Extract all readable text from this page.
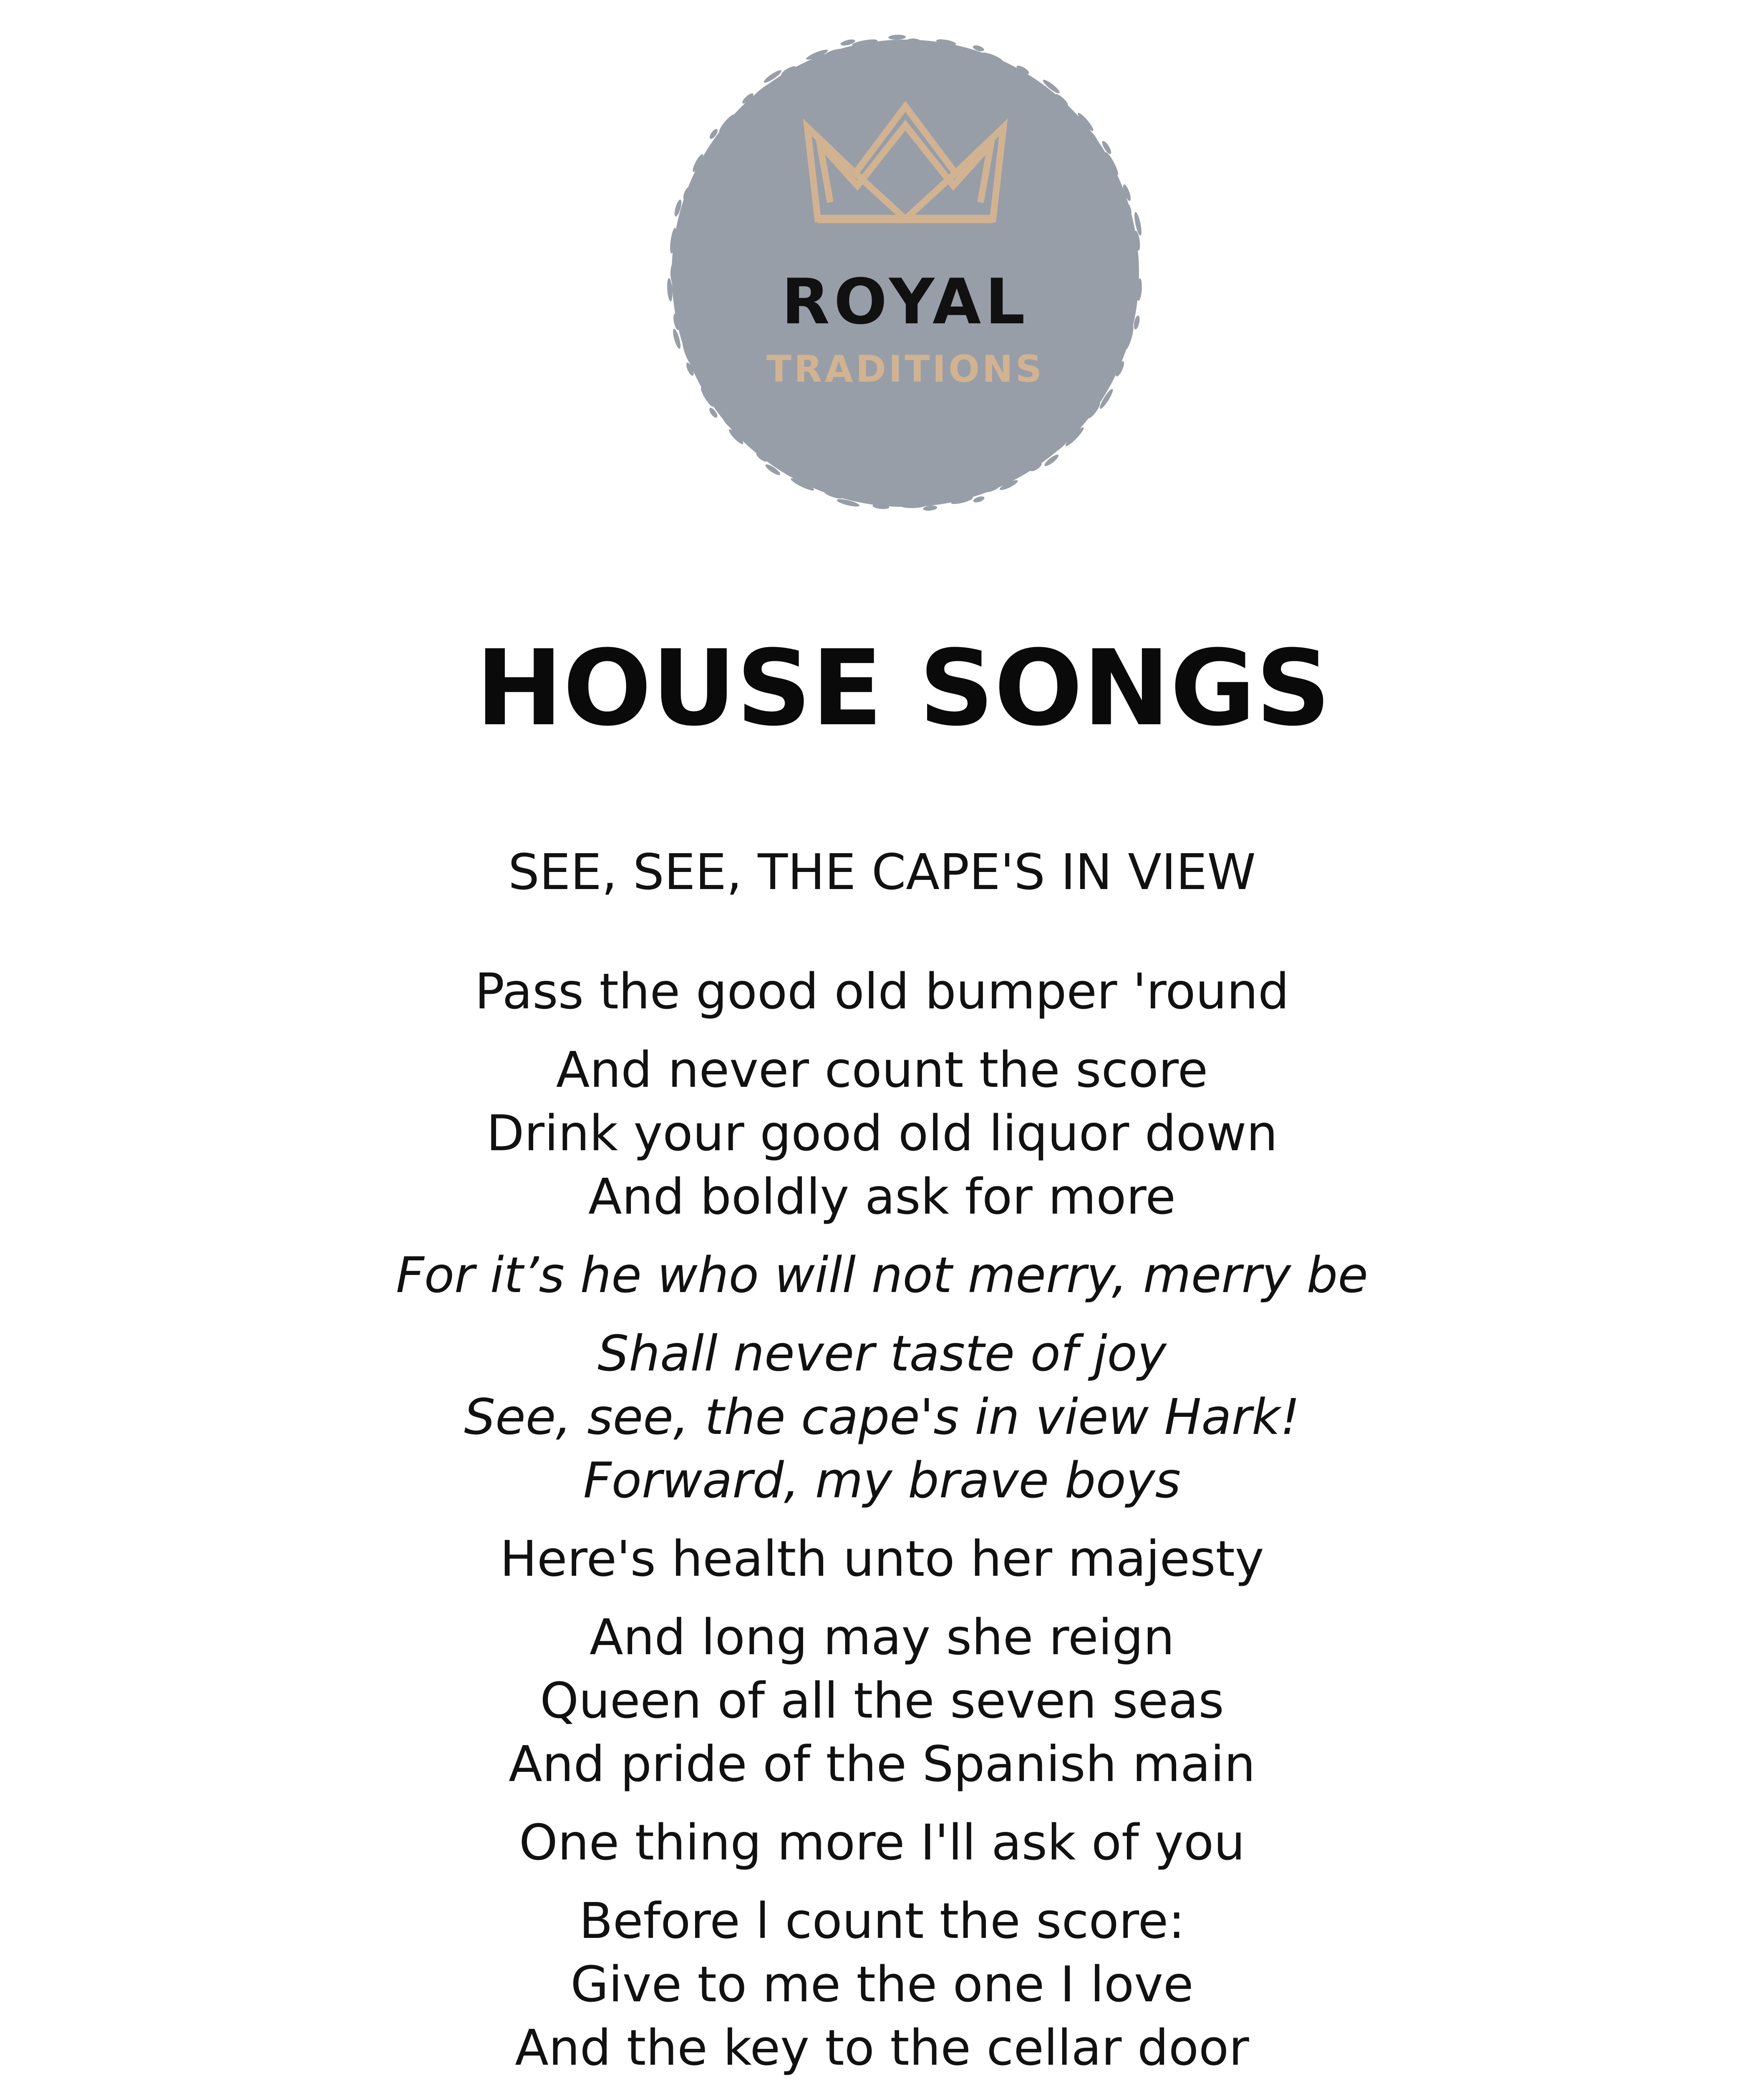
ROYAL
TRADITIONS
HOUSE SONGS
SEE, SEE, THE CAPE'S IN VIEW
Pass the good old bumper 'round
And never count the score
Drink your good old liquor down
And boldly ask for more
For it’s he who will not merry, merry be
Shall never taste of joy
See, see, the cape's in view Hark!
Forward, my brave boys
Here's health unto her majesty
And long may she reign
Queen of all the seven seas
And pride of the Spanish main
One thing more I'll ask of you
Before l count the score:
Give to me the one I love
And the key to the cellar door
